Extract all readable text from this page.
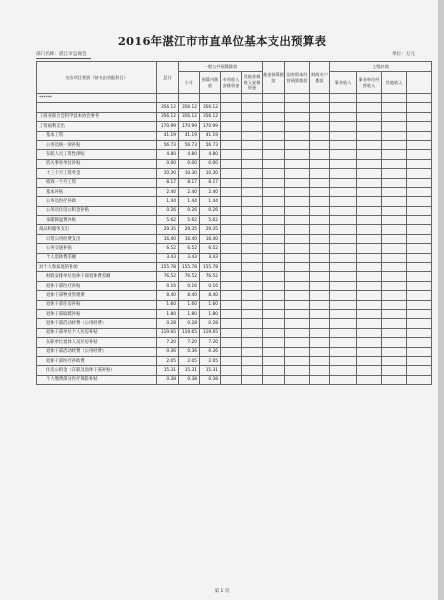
2016年湛江市市直单位基本支出预算表
部门名称：湛江市总商会	单位：万元
支出项目类别（按支出功能科目）	总计	一般公共预算拨款				基金预算拨款	国有资本经营预算拨款	财政专户拨款	上级补助			
		小计	预算内拨款	专项收入安排资金	其他非税收入安排资金				事业收入	事业单位经营收入	其他收入	
******												
	356.12	356.12	356.12									
工商业联合会科学技术协会事务	356.12	356.12	356.12									
工资福利支出	170.99	170.99	170.99									
基本工资	41.19	41.19	41.19									
公务员统一津补贴	56.73	56.73	56.73									
在职人员工资性津贴	4.80	4.80	4.80									
机关事业单位补贴	0.00	0.00	0.00									
十三个月工资奖金	10.30	10.30	10.30									
绩效一个月工资	8.17	8.17	8.17									
基本补贴	2.40	2.40	2.40									
公务员医疗补助	1.44	1.44	1.44									
公务员住房公积金补贴	0.26	0.26	0.26									
采暖降温费补贴	5.62	5.62	5.62									
商品和服务支出	29.35	29.35	29.35									
日常公用经费支出	16.40	16.40	16.40									
公务交通补贴	6.52	6.52	6.52									
个人退休费差额	3.43	3.43	3.43									
对个人和家庭的补助	155.78	155.78	155.78									
财政安排单位退休干部退休费差额	76.52	76.52	76.52									
退休干部医疗补贴	0.16	0.16	0.16									
退休干部物业管理费	8.40	8.40	8.40									
退休干部住房补贴	1.60	1.60	1.60									
退休干部取暖补贴	1.80	1.80	1.80									
退休干部活动经费（公用经费）	0.28	0.28	0.28									
退休干部单位个人住房补贴	119.65	119.65	119.65									
在职单位退休人员住房补贴	7.20	7.20	7.20									
退休干部活动经费（公用经费）	0.36	0.36	0.36									
退休干部医疗补助费	2.05	2.05	2.05									
住房公积金（在职及退休干部补贴）	15.31	15.31	15.31									
个人缴费部分医疗保险补贴	0.38	0.38	0.38									
第 1 页
